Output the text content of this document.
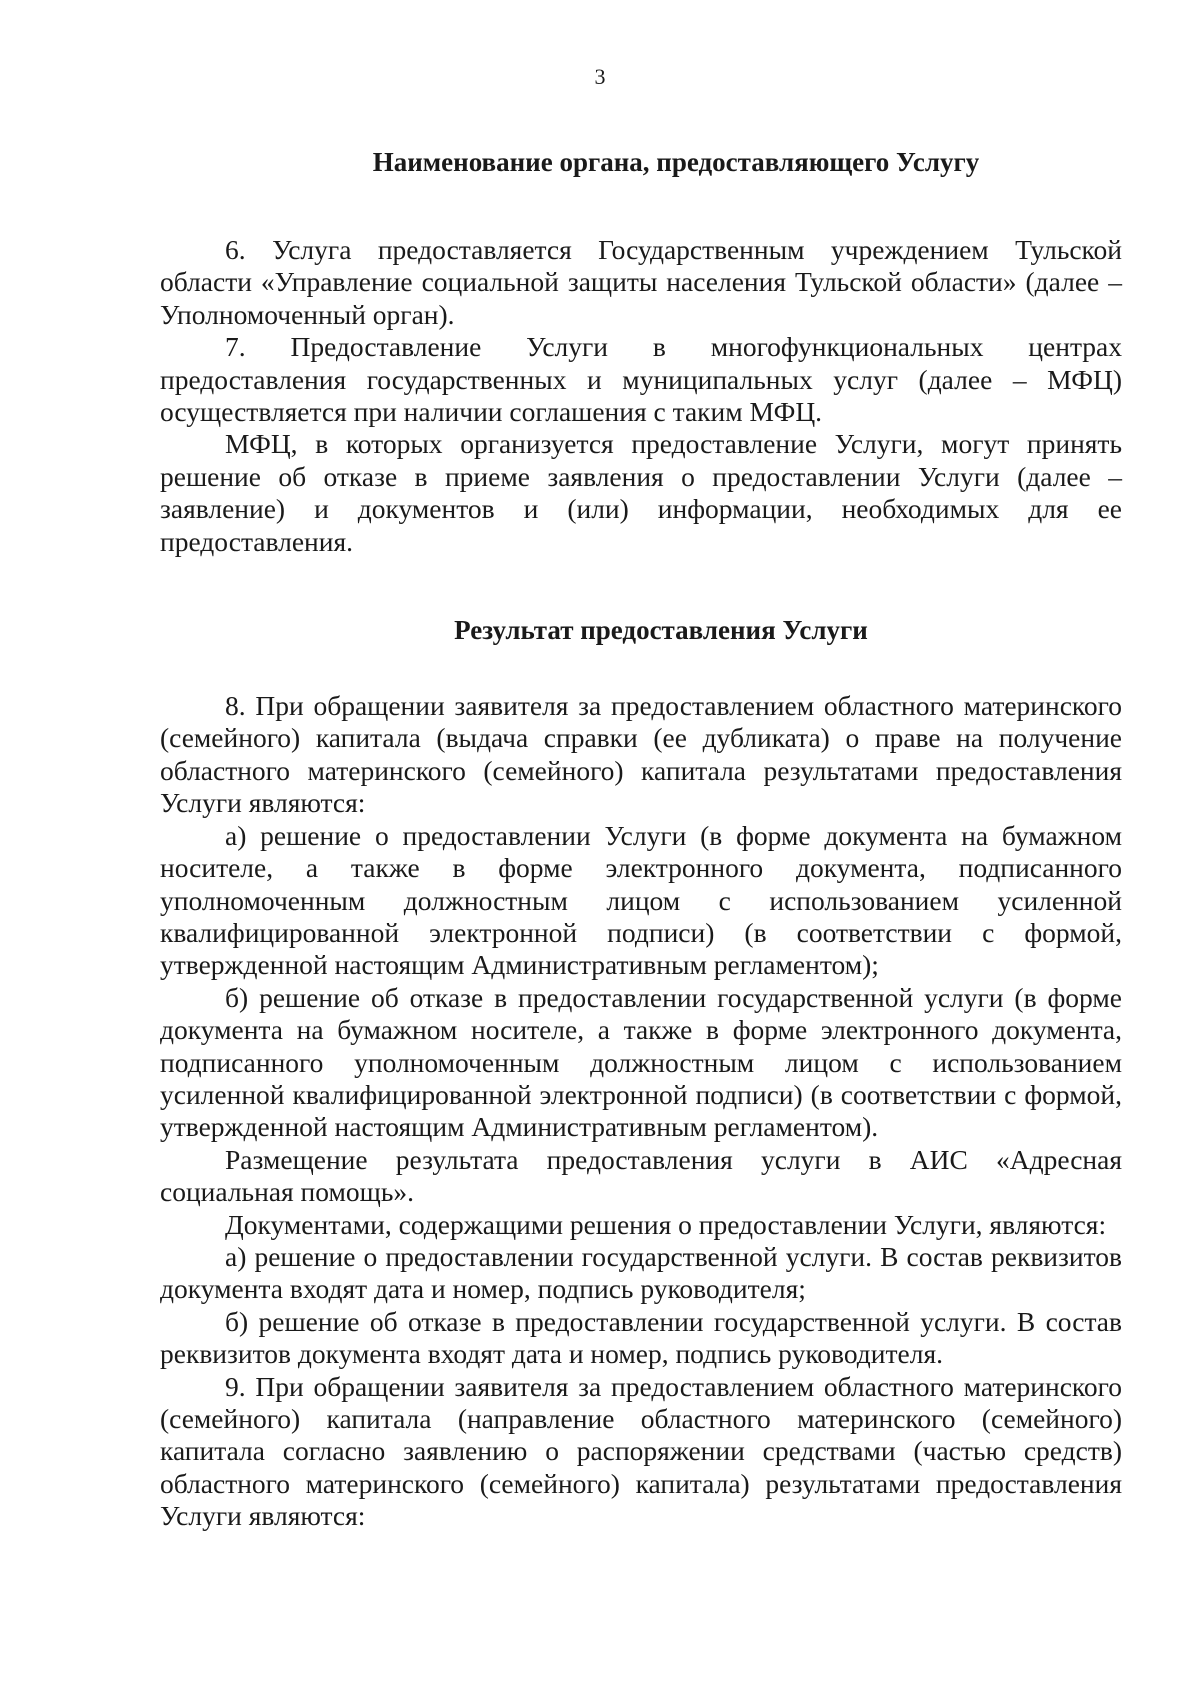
3
Наименование органа, предоставляющего Услугу

6. Услуга предоставляется Государственным учреждением Тульской области «Управление социальной защиты населения Тульской области» (далее – Уполномоченный орган).

7. Предоставление Услуги в многофункциональных центрах предоставления государственных и муниципальных услуг (далее – МФЦ) осуществляется при наличии соглашения с таким МФЦ.

МФЦ, в которых организуется предоставление Услуги, могут принять решение об отказе в приеме заявления о предоставлении Услуги (далее – заявление) и документов и (или) информации, необходимых для ее предоставления.

Результат предоставления Услуги

8. При обращении заявителя за предоставлением областного материнского (семейного) капитала (выдача справки (ее дубликата) о праве на получение областного материнского (семейного) капитала результатами предоставления Услуги являются:

а) решение о предоставлении Услуги (в форме документа на бумажном носителе, а также в форме электронного документа, подписанного уполномоченным должностным лицом с использованием усиленной квалифицированной электронной подписи) (в соответствии с формой, утвержденной настоящим Административным регламентом);

б) решение об отказе в предоставлении государственной услуги (в форме документа на бумажном носителе, а также в форме электронного документа, подписанного уполномоченным должностным лицом с использованием усиленной квалифицированной электронной подписи) (в соответствии с формой, утвержденной настоящим Административным регламентом).

Размещение результата предоставления услуги в АИС «Адресная социальная помощь».

Документами, содержащими решения о предоставлении Услуги, являются:

а) решение о предоставлении государственной услуги. В состав реквизитов документа входят дата и номер, подпись руководителя;

б) решение об отказе в предоставлении государственной услуги. В состав реквизитов документа входят дата и номер, подпись руководителя.

9. При обращении заявителя за предоставлением областного материнского (семейного) капитала (направление областного материнского (семейного) капитала согласно заявлению о распоряжении средствами (частью средств) областного материнского (семейного) капитала) результатами предоставления Услуги являются:
